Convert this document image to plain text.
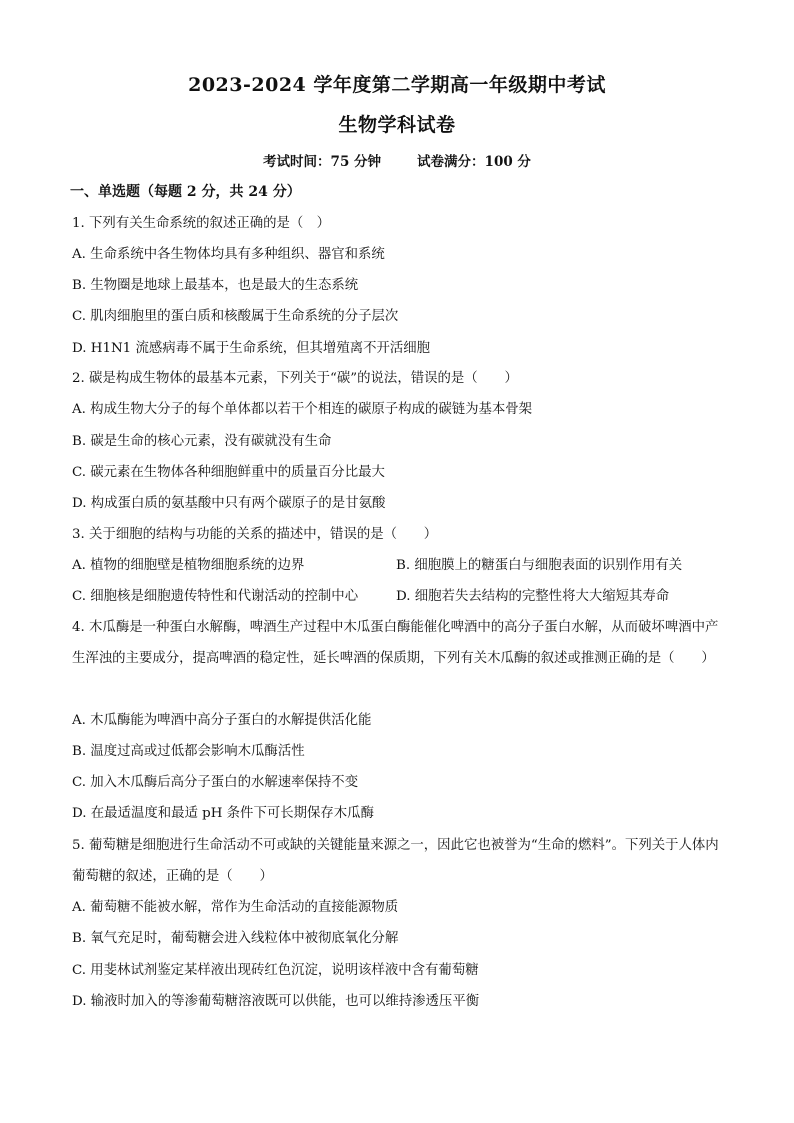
2023-2024 学年度第二学期高一年级期中考试
生物学科试卷
考试时间：75 分钟	试卷满分：100 分
一、单选题（每题 2 分，共 24 分）
1. 下列有关生命系统的叙述正确的是（　）
A. 生命系统中各生物体均具有多种组织、器官和系统
B. 生物圈是地球上最基本，也是最大的生态系统
C. 肌肉细胞里的蛋白质和核酸属于生命系统的分子层次
D. H1N1 流感病毒不属于生命系统，但其增殖离不开活细胞
2. 碳是构成生物体的最基本元素，下列关于“碳”的说法，错误的是（　　）
A. 构成生物大分子的每个单体都以若干个相连的碳原子构成的碳链为基本骨架
B. 碳是生命的核心元素，没有碳就没有生命
C. 碳元素在生物体各种细胞鲜重中的质量百分比最大
D. 构成蛋白质的氨基酸中只有两个碳原子的是甘氨酸
3. 关于细胞的结构与功能的关系的描述中，错误的是（　　）
A. 植物的细胞壁是植物细胞系统的边界	B. 细胞膜上的糖蛋白与细胞表面的识别作用有关
C. 细胞核是细胞遗传特性和代谢活动的控制中心	D. 细胞若失去结构的完整性将大大缩短其寿命
4. 木瓜酶是一种蛋白水解酶，啤酒生产过程中木瓜蛋白酶能催化啤酒中的高分子蛋白水解，从而破坏啤酒中产生浑浊的主要成分，提高啤酒的稳定性，延长啤酒的保质期，下列有关木瓜酶的叙述或推测正确的是（　　）
A. 木瓜酶能为啤酒中高分子蛋白的水解提供活化能
B. 温度过高或过低都会影响木瓜酶活性
C. 加入木瓜酶后高分子蛋白的水解速率保持不变
D. 在最适温度和最适 pH 条件下可长期保存木瓜酶
5. 葡萄糖是细胞进行生命活动不可或缺的关键能量来源之一，因此它也被誉为“生命的燃料”。下列关于人体内葡萄糖的叙述，正确的是（　　）
A. 葡萄糖不能被水解，常作为生命活动的直接能源物质
B. 氧气充足时，葡萄糖会进入线粒体中被彻底氧化分解
C. 用斐林试剂鉴定某样液出现砖红色沉淀，说明该样液中含有葡萄糖
D. 输液时加入的等渗葡萄糖溶液既可以供能，也可以维持渗透压平衡
